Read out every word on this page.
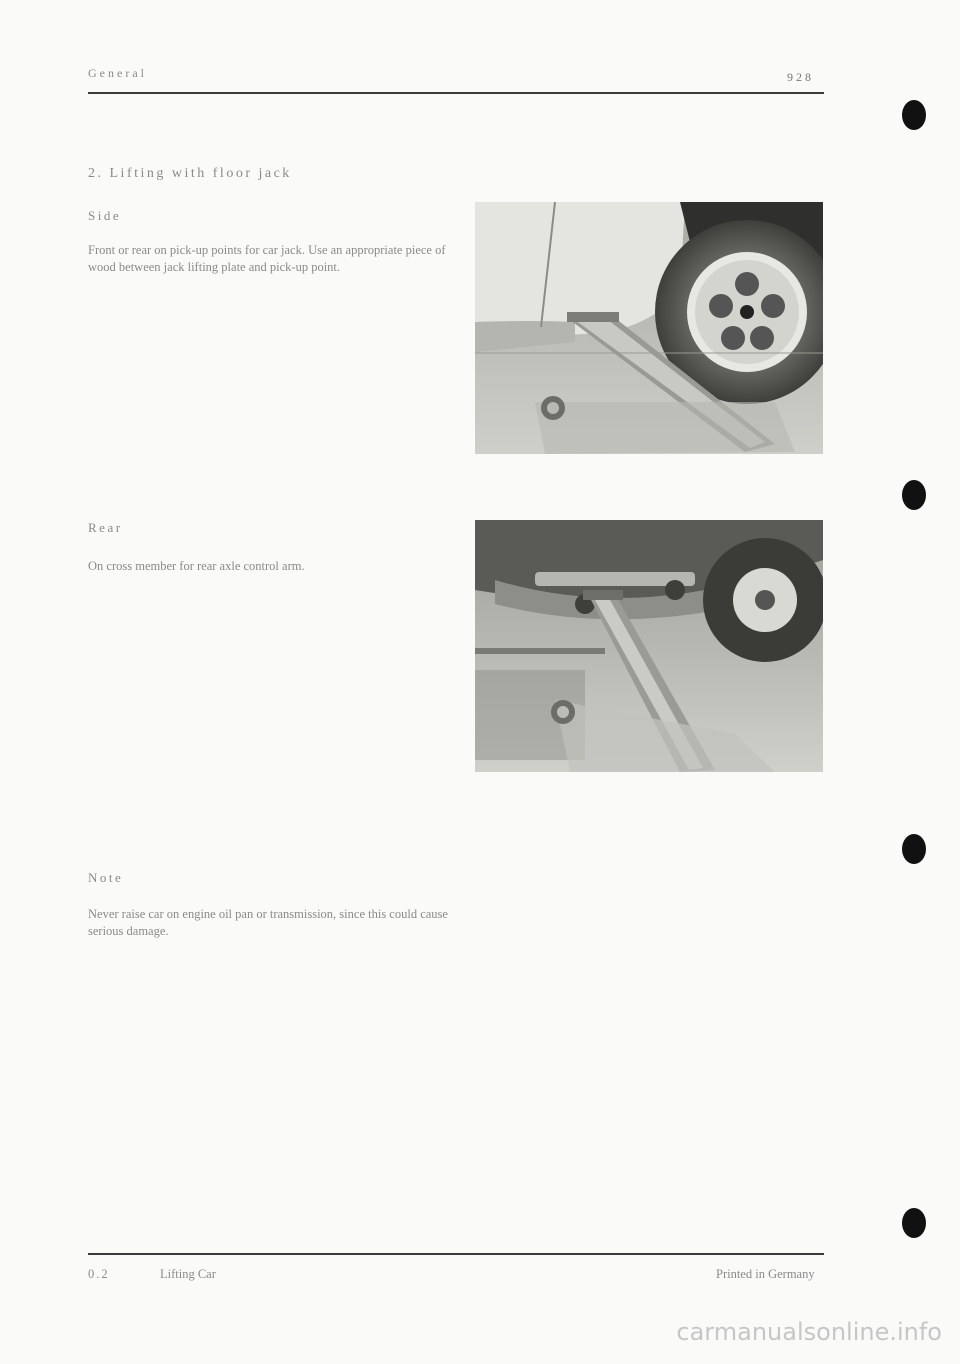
General	928
2. Lifting with floor jack
Side
Front or rear on pick-up points for car jack. Use an appropriate piece of wood between jack lifting plate and pick-up point.
Rear
On cross member for rear axle control arm.
Note
Never raise car on engine oil pan or transmission, since this could cause serious damage.
0.2	Lifting Car	Printed in Germany
carmanualsonline.info
